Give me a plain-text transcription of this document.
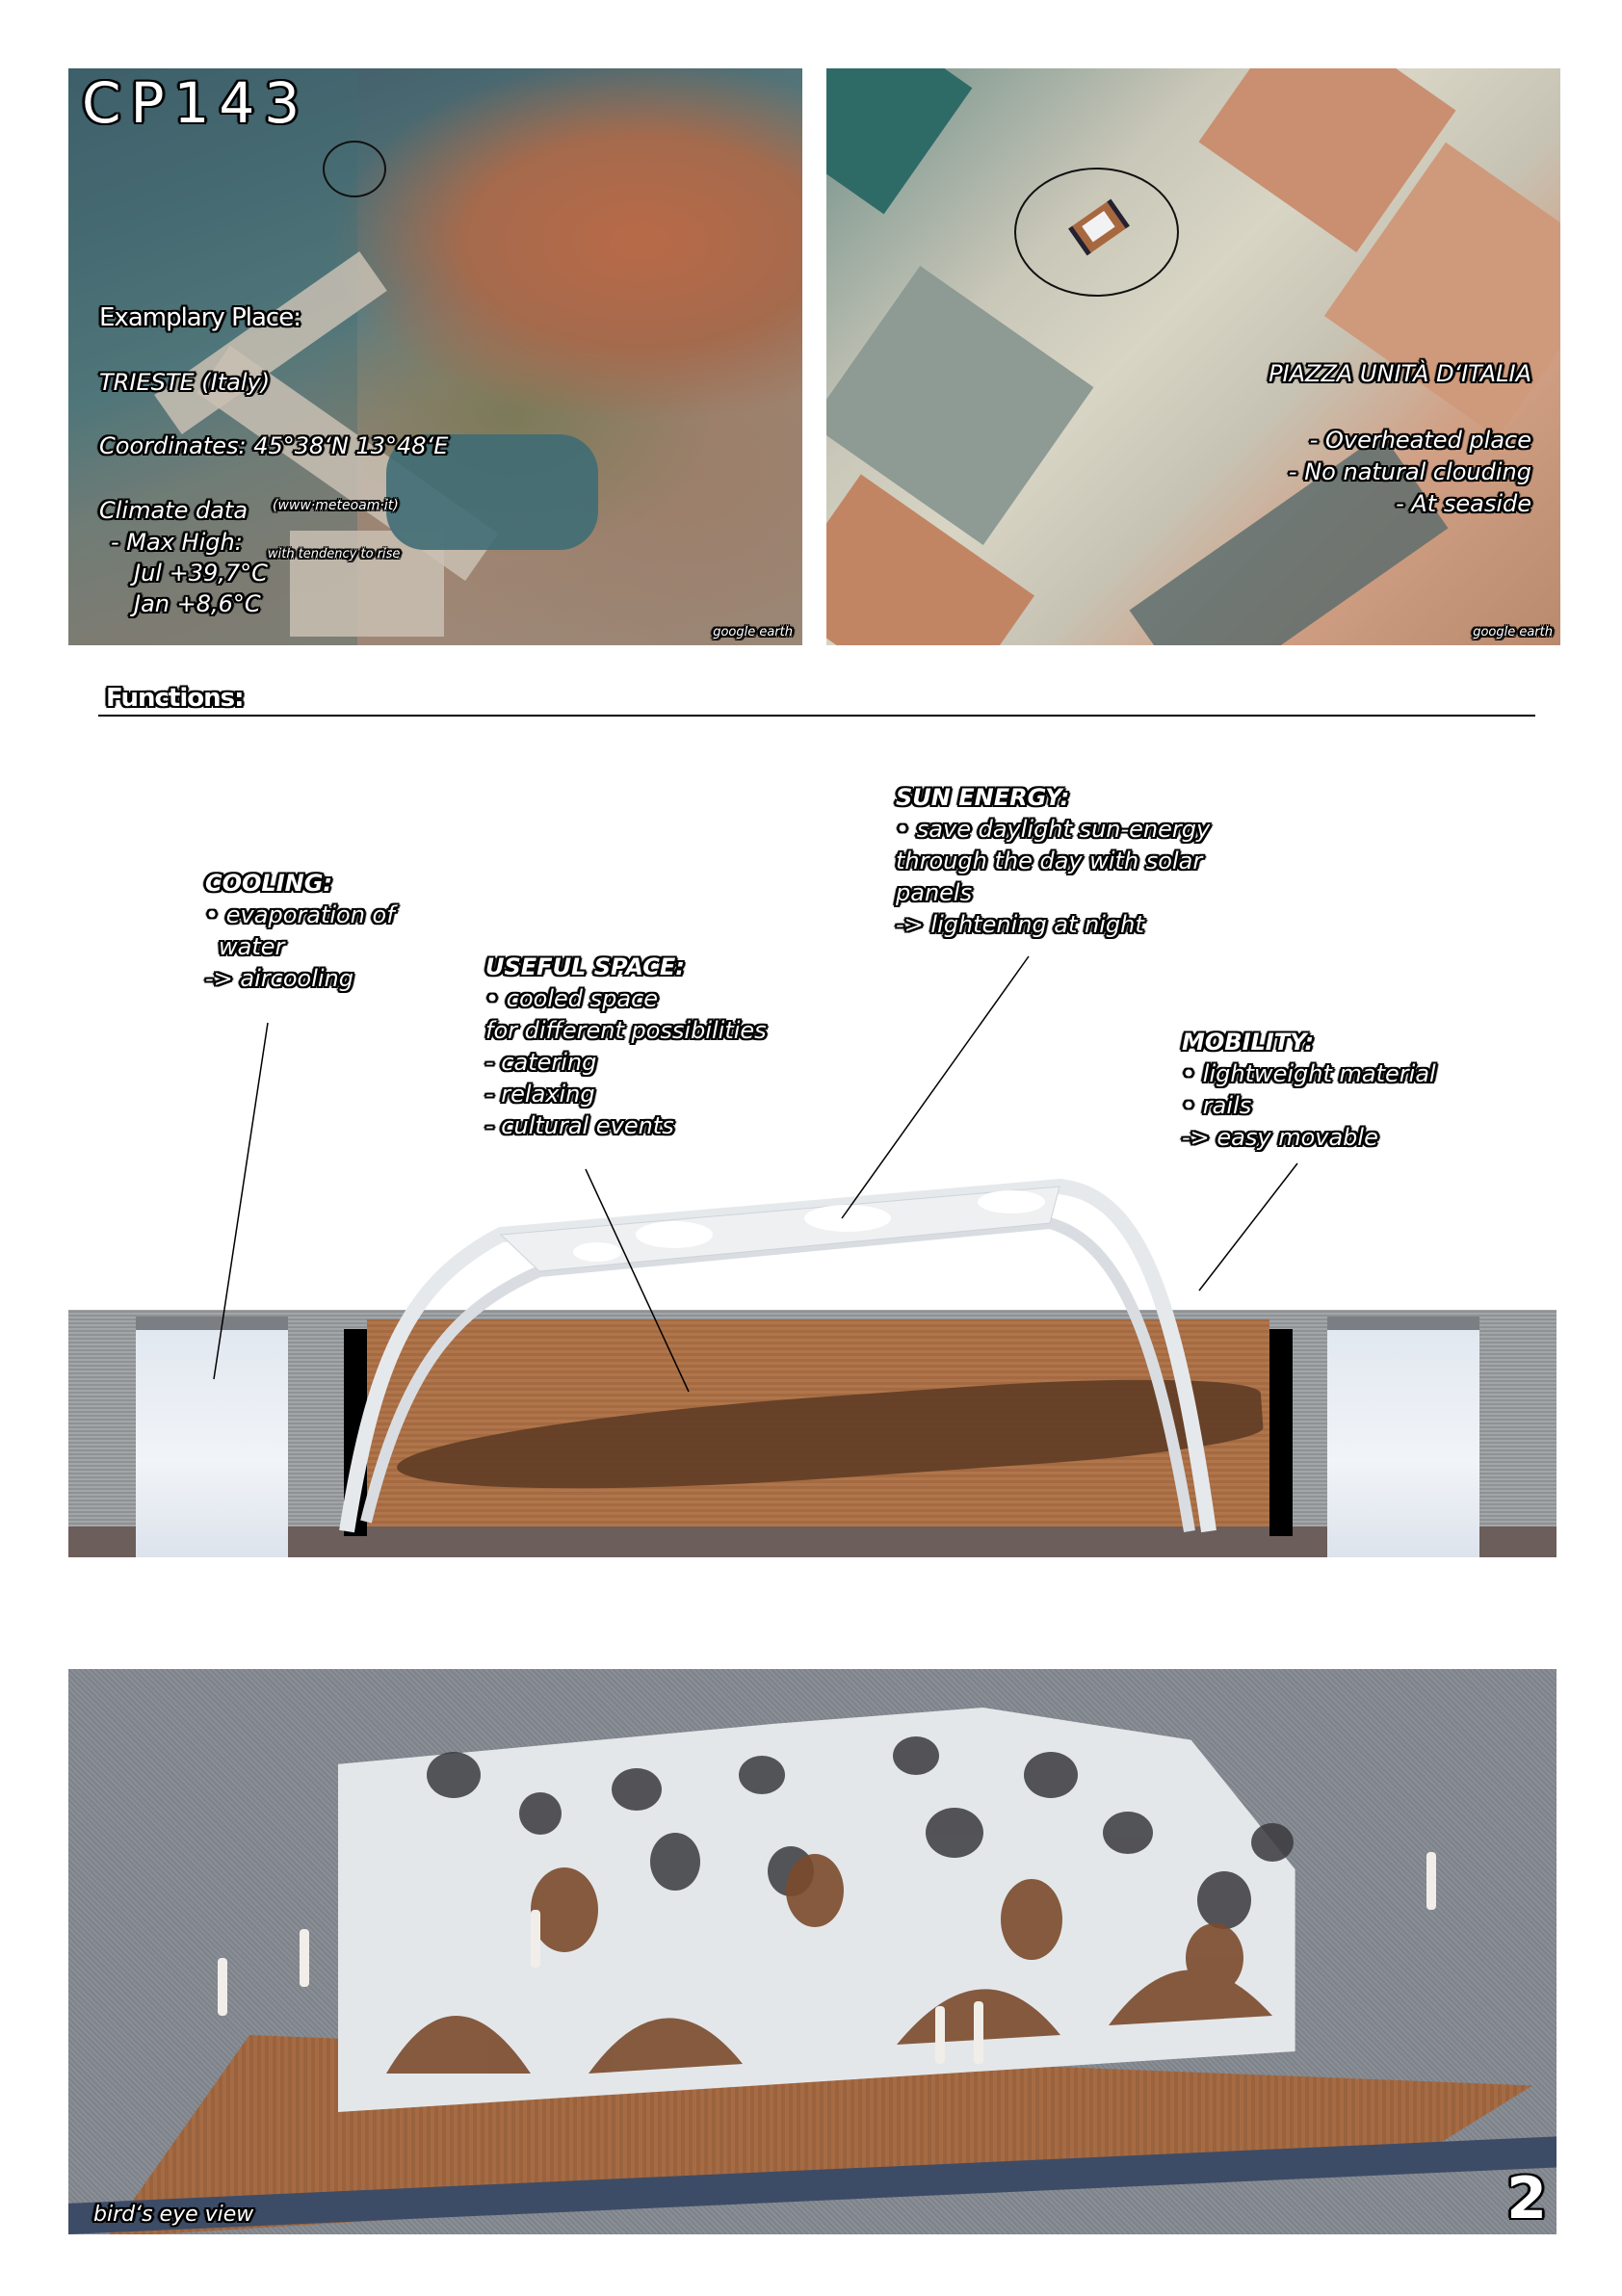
CP143
Examplary Place:
TRIESTE (Italy)
Coordinates: 45°38‘N 13°48‘E
Climate data (www·meteoam·it)
- Max High: with tendency to rise
Jul +39,7°C
Jan +8,6°C
google earth
PIAZZA UNITÀ D‘ITALIA
- Overheated place
- No natural clouding
- At seaside
google earth
Functions:
COOLING:
• evaporation of
water
-> aircooling	USEFUL SPACE:
• cooled space
for different possibilities
- catering
- relaxing
- cultural events
SUN ENERGY:
• save daylight sun-energy
through the day with solar
panels
-> lightening at night
MOBILITY:
• lightweight material
• rails
-> easy movable
bird‘s eye view	2
